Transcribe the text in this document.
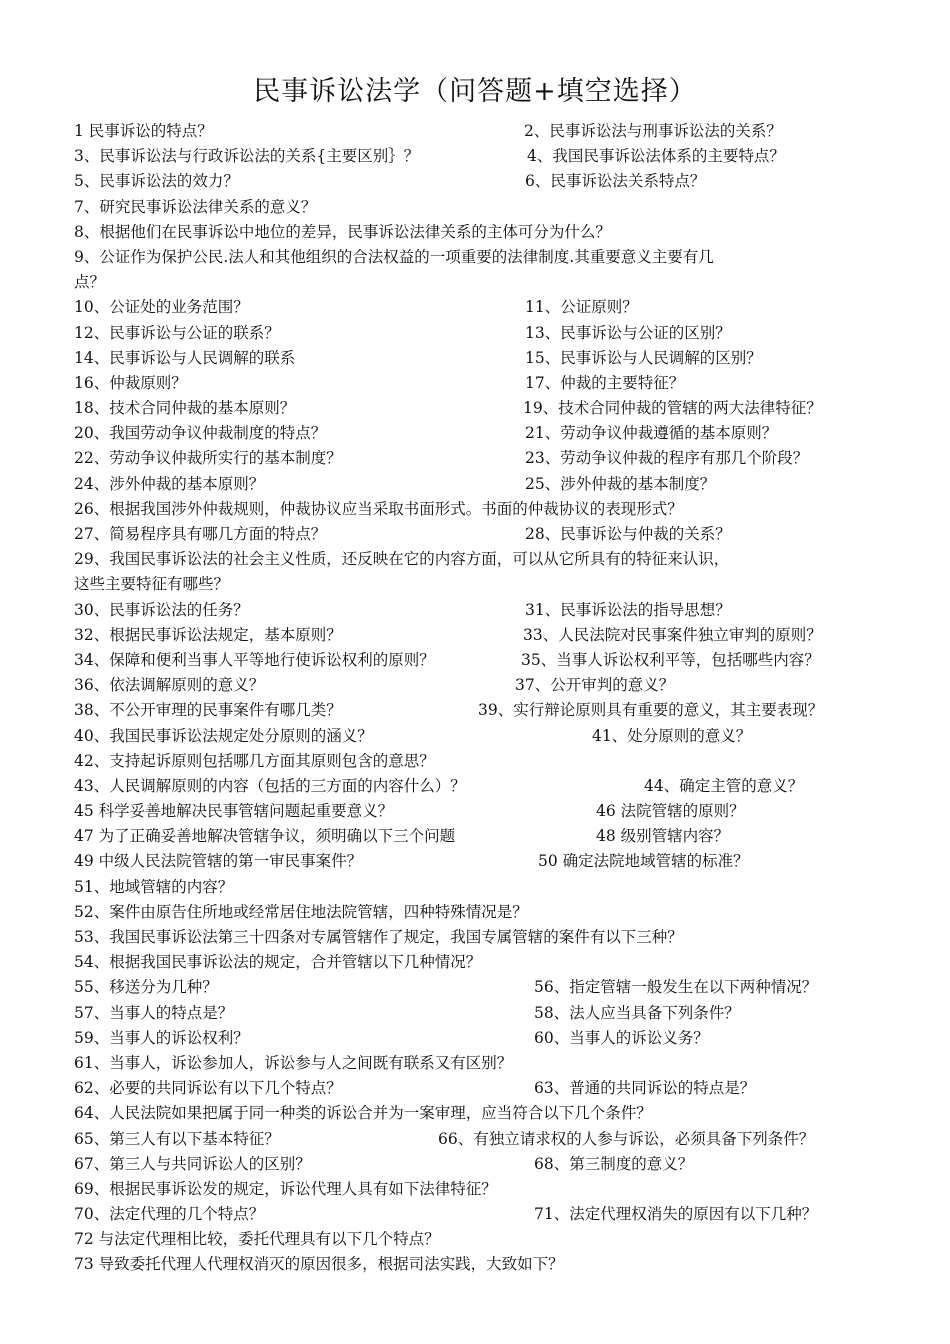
民事诉讼法学（问答题+填空选择）
1 民事诉讼的特点？	2、民事诉讼法与刑事诉讼法的关系？
3、民事诉讼法与行政诉讼法的关系{主要区别｝？	4、我国民事诉讼法体系的主要特点？
5、民事诉讼法的效力？	6、民事诉讼法关系特点？
7、研究民事诉讼法律关系的意义？
8、根据他们在民事诉讼中地位的差异，民事诉讼法律关系的主体可分为什么？
9、公证作为保护公民.法人和其他组织的合法权益的一项重要的法律制度.其重要意义主要有几
点？
10、公证处的业务范围？	11、公证原则？
12、民事诉讼与公证的联系？	13、民事诉讼与公证的区别？
14、民事诉讼与人民调解的联系	15、民事诉讼与人民调解的区别？
16、仲裁原则？	17、仲裁的主要特征？
18、技术合同仲裁的基本原则？	19、技术合同仲裁的管辖的两大法律特征？
20、我国劳动争议仲裁制度的特点？	21、劳动争议仲裁遵循的基本原则？
22、劳动争议仲裁所实行的基本制度？	23、劳动争议仲裁的程序有那几个阶段？
24、涉外仲裁的基本原则？	25、涉外仲裁的基本制度？
26、根据我国涉外仲裁规则，仲裁协议应当采取书面形式。书面的仲裁协议的表现形式？
27、简易程序具有哪几方面的特点？	28、民事诉讼与仲裁的关系？
29、我国民事诉讼法的社会主义性质，还反映在它的内容方面，可以从它所具有的特征来认识，
这些主要特征有哪些？
30、民事诉讼法的任务？	31、民事诉讼法的指导思想？
32、根据民事诉讼法规定，基本原则？	33、人民法院对民事案件独立审判的原则？
34、保障和便利当事人平等地行使诉讼权利的原则？	35、当事人诉讼权利平等，包括哪些内容？
36、依法调解原则的意义？	37、公开审判的意义？
38、不公开审理的民事案件有哪几类？	39、实行辩论原则具有重要的意义，其主要表现？
40、我国民事诉讼法规定处分原则的涵义？	41、处分原则的意义？
42、支持起诉原则包括哪几方面其原则包含的意思？
43、人民调解原则的内容（包括的三方面的内容什么）？	44、确定主管的意义？
45 科学妥善地解决民事管辖问题起重要意义？	46 法院管辖的原则？
47 为了正确妥善地解决管辖争议，须明确以下三个问题	48 级别管辖内容？
49 中级人民法院管辖的第一审民事案件？	50 确定法院地域管辖的标准？
51、地域管辖的内容？
52、案件由原告住所地或经常居住地法院管辖，四种特殊情况是？
53、我国民事诉讼法第三十四条对专属管辖作了规定，我国专属管辖的案件有以下三种？
54、根据我国民事诉讼法的规定，合并管辖以下几种情况？
55、移送分为几种？	56、指定管辖一般发生在以下两种情况？
57、当事人的特点是？	58、法人应当具备下列条件？
59、当事人的诉讼权利？	60、当事人的诉讼义务？
61、当事人，诉讼参加人，诉讼参与人之间既有联系又有区别？
62、必要的共同诉讼有以下几个特点？	63、普通的共同诉讼的特点是？
64、人民法院如果把属于同一种类的诉讼合并为一案审理，应当符合以下几个条件？
65、第三人有以下基本特征？	66、有独立请求权的人参与诉讼，必须具备下列条件？
67、第三人与共同诉讼人的区别？	68、第三制度的意义？
69、根据民事诉讼发的规定，诉讼代理人具有如下法律特征？
70、法定代理的几个特点？	71、法定代理权消失的原因有以下几种？
72 与法定代理相比较，委托代理具有以下几个特点？
73 导致委托代理人代理权消灭的原因很多，根据司法实践，大致如下？
